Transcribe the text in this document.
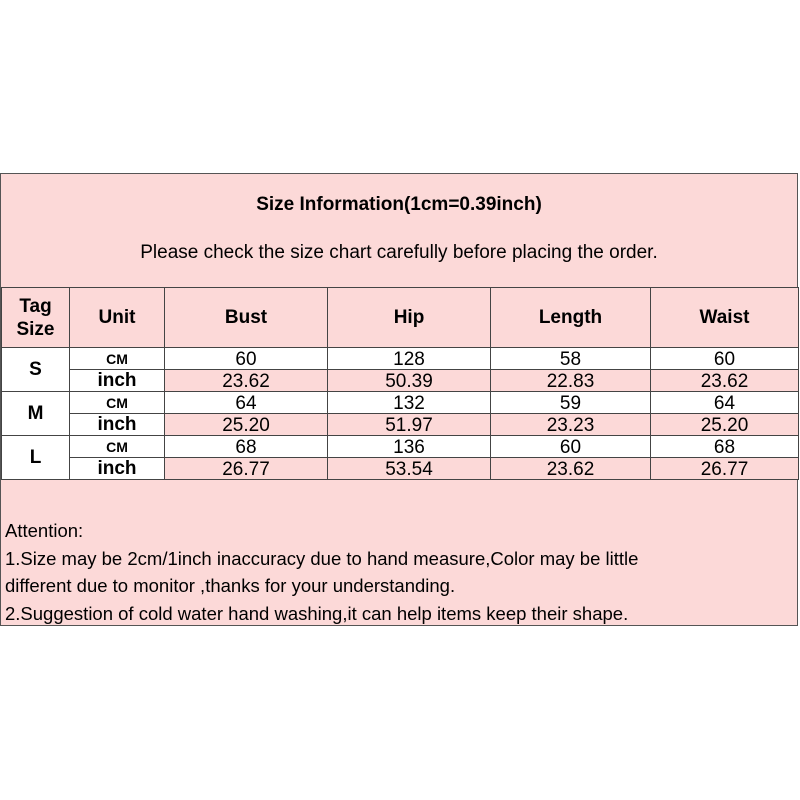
Size Information(1cm=0.39inch)
Please check the size chart carefully before placing the order.
Tag
Size	Unit	Bust	Hip	Length	Waist
S	CM	60	128	58	60
	inch	23.62	50.39	22.83	23.62
M	CM	64	132	59	64
	inch	25.20	51.97	23.23	25.20
L	CM	68	136	60	68
	inch	26.77	53.54	23.62	26.77
Attention:
1.Size may be 2cm/1inch inaccuracy due to hand measure,Color may be little
different due to monitor ,thanks for your understanding.
2.Suggestion of cold water hand washing,it can help items keep their shape.
